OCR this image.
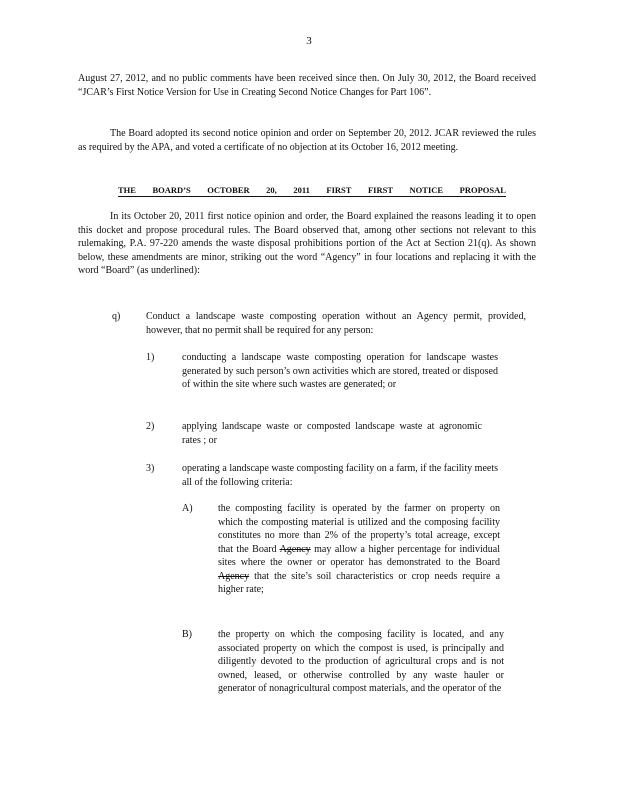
3
August 27, 2012, and no public comments have been received since then. On July 30, 2012, the Board received “JCAR’s First Notice Version for Use in Creating Second Notice Changes for Part 106”.
The Board adopted its second notice opinion and order on September 20, 2012. JCAR reviewed the rules as required by the APA, and voted a certificate of no objection at its October 16, 2012 meeting.
THE BOARD’S OCTOBER 20, 2011 FIRST FIRST NOTICE PROPOSAL
In its October 20, 2011 first notice opinion and order, the Board explained the reasons leading it to open this docket and propose procedural rules. The Board observed that, among other sections not relevant to this rulemaking, P.A. 97-220 amends the waste disposal prohibitions portion of the Act at Section 21(q). As shown below, these amendments are minor, striking out the word “Agency” in four locations and replacing it with the word “Board” (as underlined):
q)	Conduct a landscape waste composting operation without an Agency permit, provided, however, that no permit shall be required for any person:
1)	conducting a landscape waste composting operation for landscape wastes generated by such person’s own activities which are stored, treated or disposed of within the site where such wastes are generated; or
2)	applying landscape waste or composted landscape waste at agronomic rates ; or
3)	operating a landscape waste composting facility on a farm, if the facility meets all of the following criteria:
A)	the composting facility is operated by the farmer on property on which the composting material is utilized and the composing facility constitutes no more than 2% of the property’s total acreage, except that the Board Agency may allow a higher percentage for individual sites where the owner or operator has demonstrated to the Board Agency that the site’s soil characteristics or crop needs require a higher rate;
B)	the property on which the composing facility is located, and any associated property on which the compost is used, is principally and diligently devoted to the production of agricultural crops and is not owned, leased, or otherwise controlled by any waste hauler or generator of nonagricultural compost materials, and the operator of the
